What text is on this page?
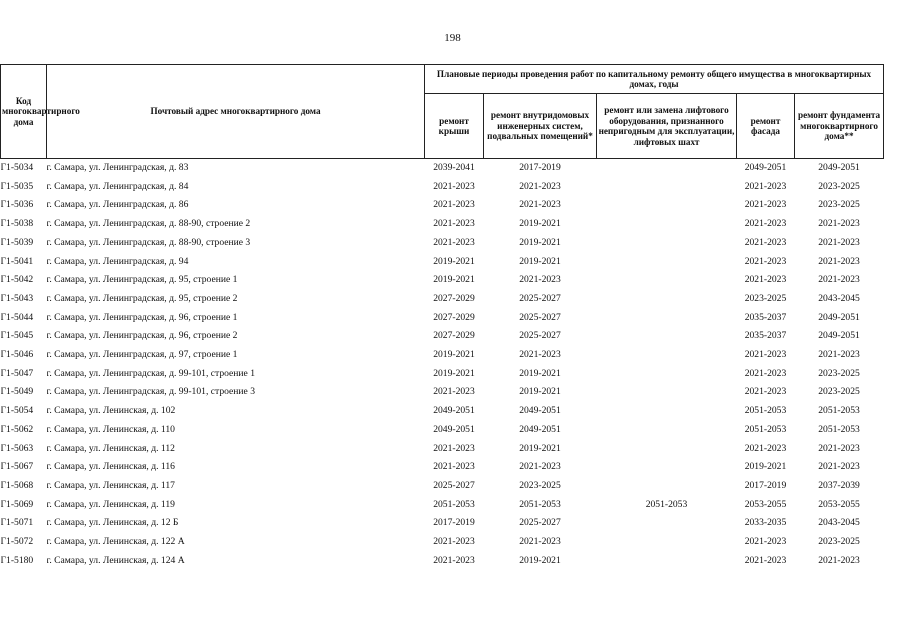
198
Код многоквартирного дома	Почтовый адрес многоквартирного дома	Плановые периоды проведения работ по капитальному ремонту общего имущества в многоквартирных домах, годы				

		ремонт крыши	ремонт внутридомовых инженерных систем, подвальных помещений*	ремонт или замена лифтового оборудования, признанного непригодным для эксплуатации, лифтовых шахт	ремонт фасада	ремонт фундамента многоквартирного дома**

Г1-5034	г. Самара, ул. Ленинградская, д. 83	2039-2041	2017-2019		2049-2051	2049-2051
Г1-5035	г. Самара, ул. Ленинградская, д. 84	2021-2023	2021-2023		2021-2023	2023-2025
Г1-5036	г. Самара, ул. Ленинградская, д. 86	2021-2023	2021-2023		2021-2023	2023-2025
Г1-5038	г. Самара, ул. Ленинградская, д. 88-90, строение 2	2021-2023	2019-2021		2021-2023	2021-2023
Г1-5039	г. Самара, ул. Ленинградская, д. 88-90, строение 3	2021-2023	2019-2021		2021-2023	2021-2023
Г1-5041	г. Самара, ул. Ленинградская, д. 94	2019-2021	2019-2021		2021-2023	2021-2023
Г1-5042	г. Самара, ул. Ленинградская, д. 95, строение 1	2019-2021	2021-2023		2021-2023	2021-2023
Г1-5043	г. Самара, ул. Ленинградская, д. 95, строение 2	2027-2029	2025-2027		2023-2025	2043-2045
Г1-5044	г. Самара, ул. Ленинградская, д. 96, строение 1	2027-2029	2025-2027		2035-2037	2049-2051
Г1-5045	г. Самара, ул. Ленинградская, д. 96, строение 2	2027-2029	2025-2027		2035-2037	2049-2051
Г1-5046	г. Самара, ул. Ленинградская, д. 97, строение 1	2019-2021	2021-2023		2021-2023	2021-2023
Г1-5047	г. Самара, ул. Ленинградская, д. 99-101, строение 1	2019-2021	2019-2021		2021-2023	2023-2025
Г1-5049	г. Самара, ул. Ленинградская, д. 99-101, строение 3	2021-2023	2019-2021		2021-2023	2023-2025
Г1-5054	г. Самара, ул. Ленинская, д. 102	2049-2051	2049-2051		2051-2053	2051-2053
Г1-5062	г. Самара, ул. Ленинская, д. 110	2049-2051	2049-2051		2051-2053	2051-2053
Г1-5063	г. Самара, ул. Ленинская, д. 112	2021-2023	2019-2021		2021-2023	2021-2023
Г1-5067	г. Самара, ул. Ленинская, д. 116	2021-2023	2021-2023		2019-2021	2021-2023
Г1-5068	г. Самара, ул. Ленинская, д. 117	2025-2027	2023-2025		2017-2019	2037-2039
Г1-5069	г. Самара, ул. Ленинская, д. 119	2051-2053	2051-2053	2051-2053	2053-2055	2053-2055
Г1-5071	г. Самара, ул. Ленинская, д. 12 Б	2017-2019	2025-2027		2033-2035	2043-2045
Г1-5072	г. Самара, ул. Ленинская, д. 122 А	2021-2023	2021-2023		2021-2023	2023-2025
Г1-5180	г. Самара, ул. Ленинская, д. 124 А	2021-2023	2019-2021		2021-2023	2021-2023
